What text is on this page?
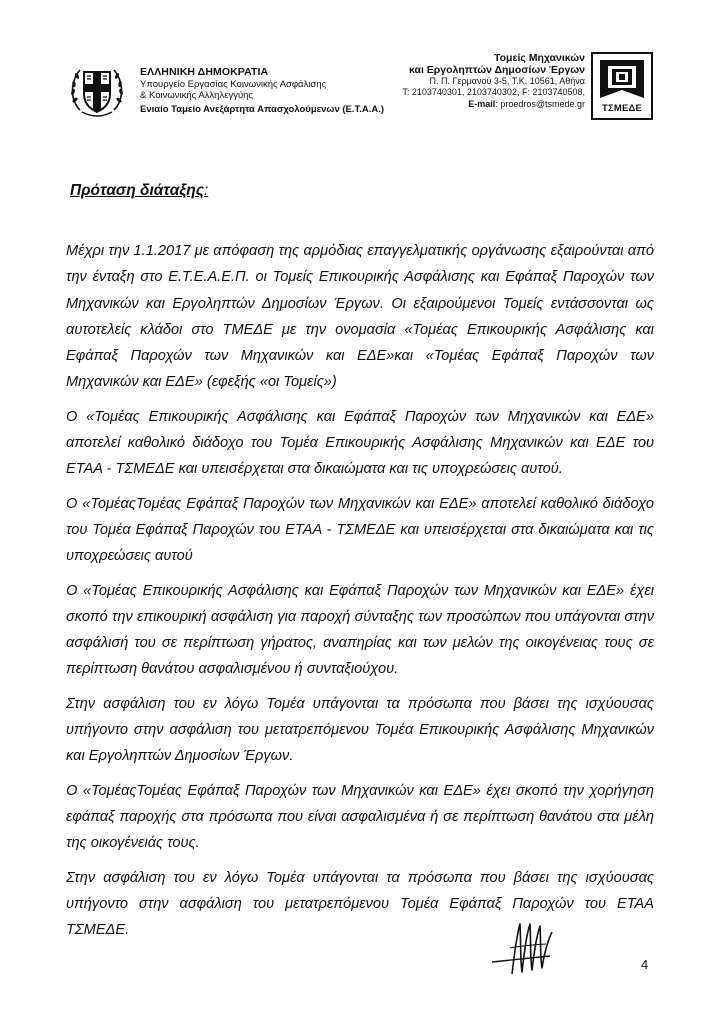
ΕΛΛΗΝΙΚΗ ΔΗΜΟΚΡΑΤΙΑ
Υπουργείο Εργασίας Κοινωνικής Ασφάλισης
& Κοινωνικής Αλληλεγγύης
Ενιαίο Ταμείο Ανεξάρτητα Απασχολούμενων (Ε.Τ.Α.Α.)
Τομείς Μηχανικών
και Εργοληπτών Δημοσίων Έργων
Π. Π. Γερμανού 3-5, Τ.Κ. 10561, Αθήνα
Τ: 2103740301, 2103740302, F: 2103740508,
E-mail: proedros@tsmede.gr	ΤΣΜΕΔΕ
Πρόταση διάταξης:

Μέχρι την 1.1.2017 με απόφαση της αρμόδιας επαγγελματικής οργάνωσης εξαιρούνται από την ένταξη στο Ε.Τ.Ε.Α.Ε.Π. οι Τομείς Επικουρικής Ασφάλισης και Εφάπαξ Παροχών των Μηχανικών και Εργοληπτών Δημοσίων Έργων. Οι εξαιρούμενοι Τομείς εντάσσονται ως αυτοτελείς κλάδοι στο ΤΜΕΔΕ με την ονομασία «Τομέας Επικουρικής Ασφάλισης και Εφάπαξ Παροχών των Μηχανικών και ΕΔΕ»και «Τομέας Εφάπαξ Παροχών των Μηχανικών και ΕΔΕ» (εφεξής «οι Τομείς»)

Ο «Τομέας Επικουρικής Ασφάλισης και Εφάπαξ Παροχών των Μηχανικών και ΕΔΕ» αποτελεί καθολικό διάδοχο του Τομέα Επικουρικής Ασφάλισης Μηχανικών και ΕΔΕ του ΕΤΑΑ - ΤΣΜΕΔΕ και υπεισέρχεται στα δικαιώματα και τις υποχρεώσεις αυτού.

Ο «ΤομέαςΤομέας Εφάπαξ Παροχών των Μηχανικών και ΕΔΕ» αποτελεί καθολικό διάδοχο του Τομέα Εφάπαξ Παροχών του ΕΤΑΑ - ΤΣΜΕΔΕ και υπεισέρχεται στα δικαιώματα και τις υποχρεώσεις αυτού

Ο «Τομέας Επικουρικής Ασφάλισης και Εφάπαξ Παροχών των Μηχανικών και ΕΔΕ» έχει σκοπό την επικουρική ασφάλιση για παροχή σύνταξης των προσώπων που υπάγονται στην ασφάλισή του σε περίπτωση γήρατος, αναπηρίας και των μελών της οικογένειας τους σε περίπτωση θανάτου ασφαλισμένου ή συνταξιούχου.

Στην ασφάλιση του εν λόγω Τομέα υπάγονται τα πρόσωπα που βάσει της ισχύουσας υπήγοντο στην ασφάλιση του μετατρεπόμενου Τομέα Επικουρικής Ασφάλισης Μηχανικών και Εργοληπτών Δημοσίων Έργων.

Ο «ΤομέαςΤομέας Εφάπαξ Παροχών των Μηχανικών και ΕΔΕ» έχει σκοπό την χορήγηση εφάπαξ παροχής στα πρόσωπα που είναι ασφαλισμένα ή σε περίπτωση θανάτου στα μέλη της οικογένειάς τους.

Στην ασφάλιση του εν λόγω Τομέα υπάγονται τα πρόσωπα που βάσει της ισχύουσας υπήγοντο στην ασφάλιση του μετατρεπόμενου Τομέα Εφάπαξ Παροχών του ΕΤΑΑ ΤΣΜΕΔΕ.

4
